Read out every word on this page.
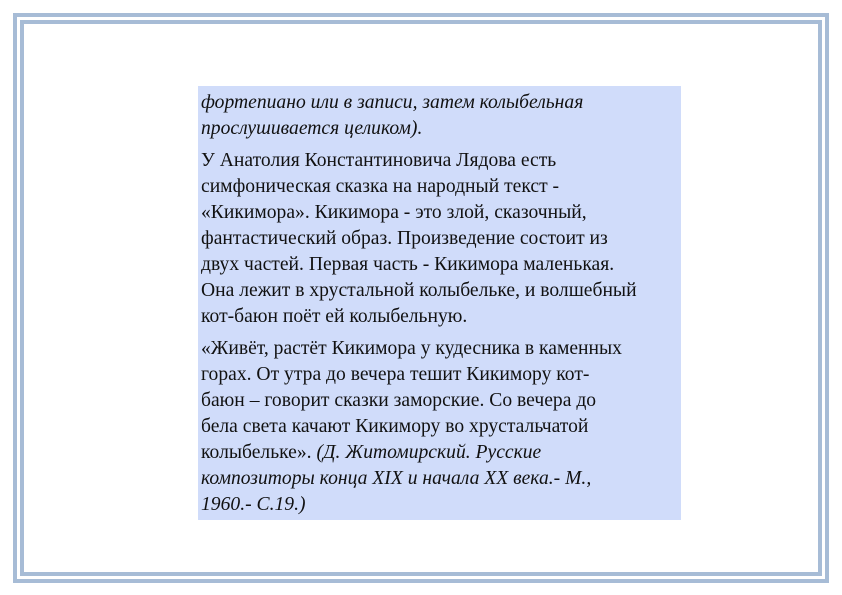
фортепиано или в записи, затем колыбельная
прослушивается целиком).
У Анатолия Константиновича Лядова есть
симфоническая сказка на народный текст -
«Кикимора». Кикимора - это злой, сказочный,
фантастический образ. Произведение состоит из
двух частей. Первая часть - Кикимора маленькая.
Она лежит в хрустальной колыбельке, и волшебный
кот-баюн поёт ей колыбельную.
«Живёт, растёт Кикимора у кудесника в каменных
горах. От утра до вечера тешит Кикимору кот-
баюн – говорит сказки заморские. Со вечера до
бела света качают Кикимору во хрустальчатой
колыбельке». (Д. Житомирский. Русские
композиторы конца XIX и начала XX века.- М.,
1960.- С.19.)
